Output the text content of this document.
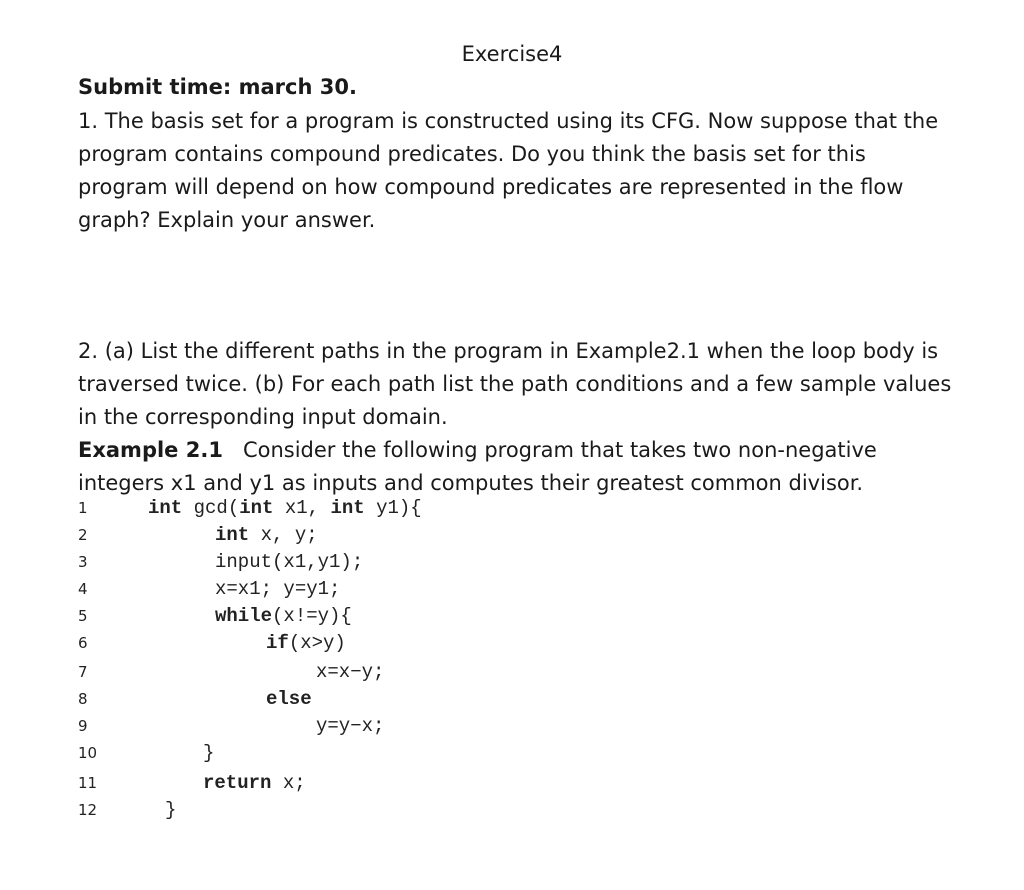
Exercise4
Submit time: march 30.
1. The basis set for a program is constructed using its CFG. Now suppose that the program contains compound predicates. Do you think the basis set for this program will depend on how compound predicates are represented in the flow graph? Explain your answer.
2. (a) List the different paths in the program in Example2.1 when the loop body is traversed twice. (b) For each path list the path conditions and a few sample values in the corresponding input domain.
Example 2.1 Consider the following program that takes two non-negative integers x1 and y1 as inputs and computes their greatest common divisor.
1	int gcd(int x1, int y1){
2	int x, y;
3	input(x1,y1);
4	x=x1; y=y1;
5	while(x!=y){
6	if(x>y)
7	x=x−y;
8	else
9	y=y−x;
10	}
11	return x;
12	}
